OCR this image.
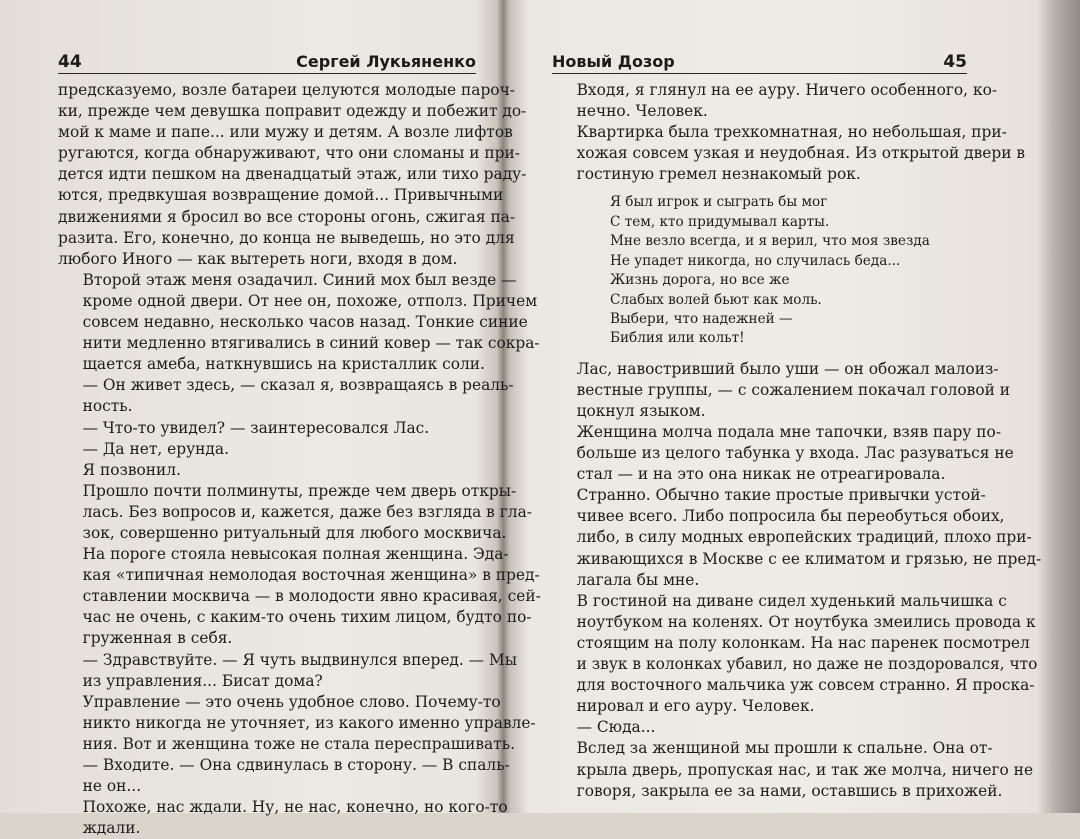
44	Сергей Лукьяненко

предсказуемо, возле батареи целуются молодые пароч-
ки, прежде чем девушка поправит одежду и побежит до-
мой к маме и папе... или мужу и детям. А возле лифтов
ругаются, когда обнаруживают, что они сломаны и при-
дется идти пешком на двенадцатый этаж, или тихо раду-
ются, предвкушая возвращение домой... Привычными
движениями я бросил во все стороны огонь, сжигая па-
разита. Его, конечно, до конца не выведешь, но это для
любого Иного — как вытереть ноги, входя в дом.

Второй этаж меня озадачил. Синий мох был везде —
кроме одной двери. От нее он, похоже, отполз. Причем
совсем недавно, несколько часов назад. Тонкие синие
нити медленно втягивались в синий ковер — так сокра-
щается амеба, наткнувшись на кристаллик соли.

— Он живет здесь, — сказал я, возвращаясь в реаль-
ность.

— Что-то увидел? — заинтересовался Лас.

— Да нет, ерунда.

Я позвонил.

Прошло почти полминуты, прежде чем дверь откры-
лась. Без вопросов и, кажется, даже без взгляда в гла-
зок, совершенно ритуальный для любого москвича.

На пороге стояла невысокая полная женщина. Эда-
кая «типичная немолодая восточная женщина» в пред-
ставлении москвича — в молодости явно красивая, сей-
час не очень, с каким-то очень тихим лицом, будто по-
груженная в себя.

— Здравствуйте. — Я чуть выдвинулся вперед. — Мы
из управления... Бисат дома?

Управление — это очень удобное слово. Почему-то
никто никогда не уточняет, из какого именно управле-
ния. Вот и женщина тоже не стала переспрашивать.

— Входите. — Она сдвинулась в сторону. — В спаль-
не он...

Похоже, нас ждали. Ну, не нас, конечно, но кого-то
ждали.

Новый Дозор	45

Входя, я глянул на ее ауру. Ничего особенного, ко-
нечно. Человек.

Квартирка была трехкомнатная, но небольшая, при-
хожая совсем узкая и неудобная. Из открытой двери в
гостиную гремел незнакомый рок.

Я был игрок и сыграть бы мог
С тем, кто придумывал карты.
Мне везло всегда, и я верил, что моя звезда
Не упадет никогда, но случилась беда...
Жизнь дорога, но все же
Слабых волей бьют как моль.
Выбери, что надежней —
Библия или кольт!

Лас, навостривший было уши — он обожал малоиз-
вестные группы, — с сожалением покачал головой и
цокнул языком.

Женщина молча подала мне тапочки, взяв пару по-
больше из целого табунка у входа. Лас разуваться не
стал — и на это она никак не отреагировала.

Странно. Обычно такие простые привычки устой-
чивее всего. Либо попросила бы переобуться обоих,
либо, в силу модных европейских традиций, плохо при-
живающихся в Москве с ее климатом и грязью, не пред-
лагала бы мне.

В гостиной на диване сидел худенький мальчишка с
ноутбуком на коленях. От ноутбука змеились провода к
стоящим на полу колонкам. На нас паренек посмотрел
и звук в колонках убавил, но даже не поздоровался, что
для восточного мальчика уж совсем странно. Я проска-
нировал и его ауру. Человек.

— Сюда...

Вслед за женщиной мы прошли к спальне. Она от-
крыла дверь, пропуская нас, и так же молча, ничего не
говоря, закрыла ее за нами, оставшись в прихожей.
